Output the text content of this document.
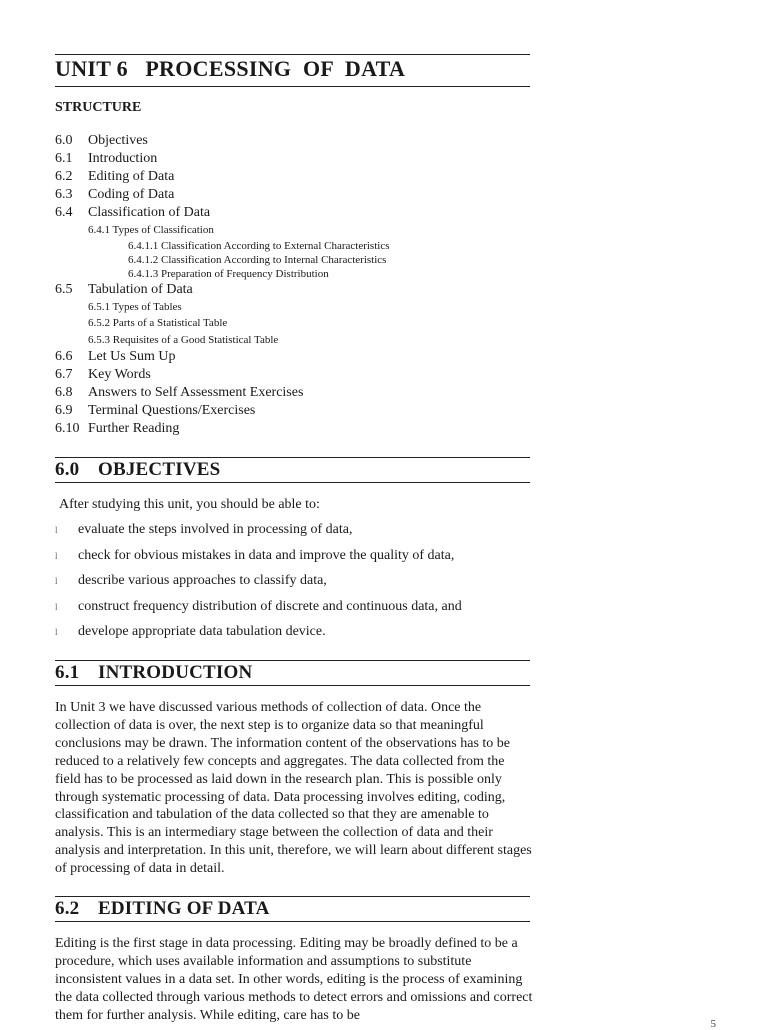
UNIT 6   PROCESSING  OF  DATA
STRUCTURE
6.0 Objectives
6.1 Introduction
6.2 Editing of Data
6.3 Coding of Data
6.4 Classification of Data
6.4.1 Types of Classification
6.4.1.1 Classification According to External Characteristics
6.4.1.2 Classification According to Internal Characteristics
6.4.1.3 Preparation of Frequency Distribution
6.5 Tabulation of Data
6.5.1 Types of Tables
6.5.2 Parts of a Statistical Table
6.5.3 Requisites of a Good Statistical Table
6.6 Let Us Sum Up
6.7 Key Words
6.8 Answers to Self Assessment Exercises
6.9 Terminal Questions/Exercises
6.10 Further Reading
6.0 OBJECTIVES

After studying this unit, you should be able to:

l evaluate the steps involved in processing of data,
l check for obvious mistakes in data and improve the quality of data,
l describe various approaches to classify data,
l construct frequency distribution of discrete and continuous data, and
l develope appropriate data tabulation device.
6.1 INTRODUCTION

In Unit 3 we have discussed various methods of collection of data. Once the collection of data is over, the next step is to organize data so that meaningful conclusions may be drawn. The information content of the observations has to be reduced to a relatively few concepts and aggregates. The data collected from the field has to be processed as laid down in the research plan. This is possible only through systematic processing of data. Data processing involves editing, coding, classification and tabulation of the data collected so that they are amenable to analysis. This is an intermediary stage between the collection of data and their analysis and interpretation. In this unit, therefore, we will learn about different stages of processing of data in detail.

6.2 EDITING OF DATA

Editing is the first stage in data processing. Editing may be broadly defined to be a procedure, which uses available information and assumptions to substitute inconsistent values in a data set. In other words, editing is the process of examining the data collected through various methods to detect errors and omissions and correct them for further analysis. While editing, care has to be

5
